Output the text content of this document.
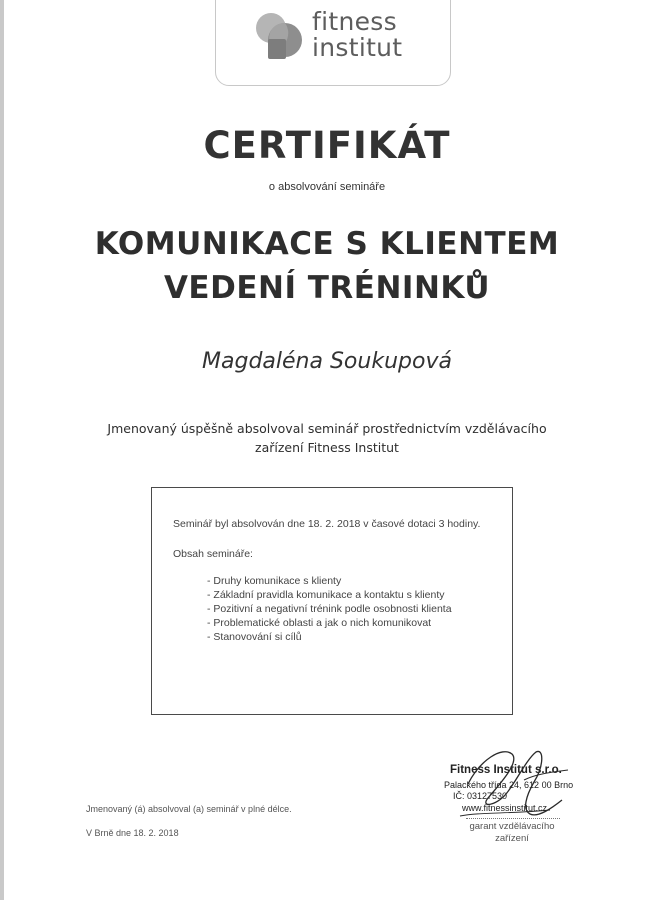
fitness
institut
CERTIFIKÁT
o absolvování semináře
KOMUNIKACE S KLIENTEM
VEDENÍ TRÉNINKŮ
Magdaléna Soukupová
Jmenovaný úspěšně absolvoval seminář prostřednictvím vzdělávacího zařízení Fitness Institut
Seminář byl absolvován dne 18. 2. 2018 v časové dotaci 3 hodiny.
Obsah semináře:
- Druhy komunikace s klienty
- Základní pravidla komunikace a kontaktu s klienty
- Pozitivní a negativní trénink podle osobnosti klienta
- Problematické oblasti a jak o nich komunikovat
- Stanovování si cílů
Fitness Institut s.r.o.
Palackého třída 24, 612 00 Brno
IČ: 03127530
www.fitnessinstitut.cz
garant vzdělávacího zařízení
Jmenovaný (á) absolvoval (a) seminář v plné délce.
V Brně dne 18. 2. 2018
